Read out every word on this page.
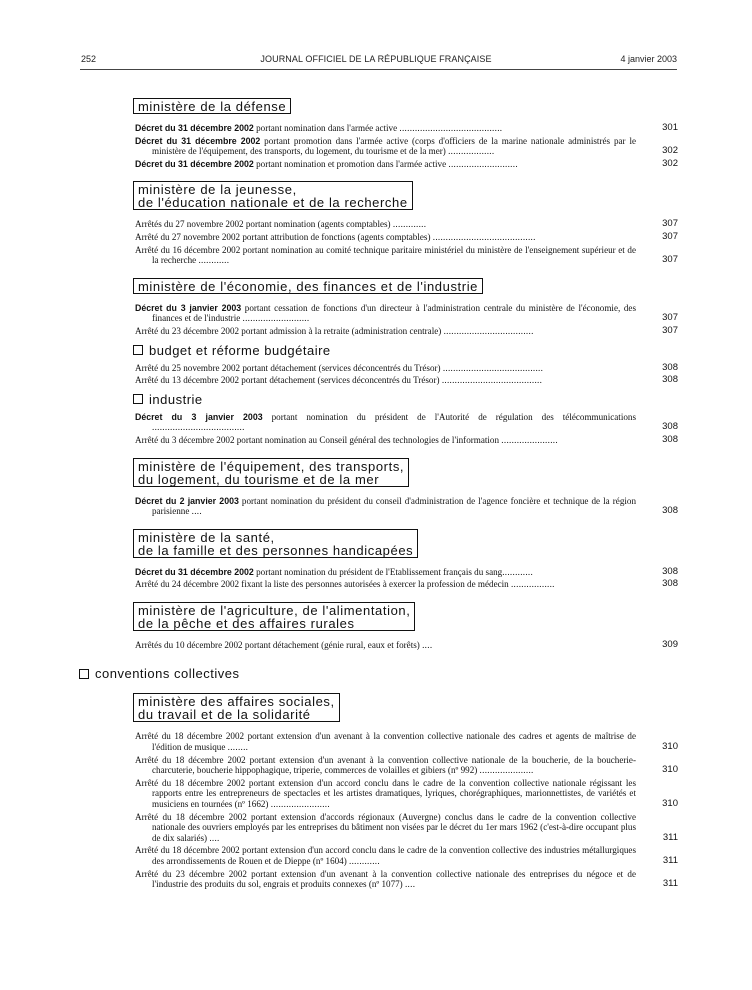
252	JOURNAL OFFICIEL DE LA RÉPUBLIQUE FRANÇAISE	4 janvier 2003
ministère de la défense
Décret du 31 décembre 2002 portant nomination dans l'armée active ........................................	301
Décret du 31 décembre 2002 portant promotion dans l'armée active (corps d'officiers de la marine nationale administrés par le ministère de l'équipement, des transports, du logement, du tourisme et de la mer) ..................	302
Décret du 31 décembre 2002 portant nomination et promotion dans l'armée active ...........................	302
ministère de la jeunesse,
de l'éducation nationale et de la recherche
Arrêtés du 27 novembre 2002 portant nomination (agents comptables) .............	307
Arrêté du 27 novembre 2002 portant attribution de fonctions (agents comptables) ........................................	307
Arrêté du 16 décembre 2002 portant nomination au comité technique paritaire ministériel du ministère de l'enseignement supérieur et de la recherche ............	307
ministère de l'économie, des finances et de l'industrie
Décret du 3 janvier 2003 portant cessation de fonctions d'un directeur à l'administration centrale du ministère de l'économie, des finances et de l'industrie ..........................	307
Arrêté du 23 décembre 2002 portant admission à la retraite (administration centrale) ...................................	307
budget et réforme budgétaire
Arrêté du 25 novembre 2002 portant détachement (services déconcentrés du Trésor) .......................................	308
Arrêté du 13 décembre 2002 portant détachement (services déconcentrés du Trésor) .......................................	308
industrie
Décret du 3 janvier 2003 portant nomination du président de l'Autorité de régulation des télécommunications ....................................	308
Arrêté du 3 décembre 2002 portant nomination au Conseil général des technologies de l'information ......................	308
ministère de l'équipement, des transports,
du logement, du tourisme et de la mer
Décret du 2 janvier 2003 portant nomination du président du conseil d'administration de l'agence foncière et technique de la région parisienne ....	308
ministère de la santé,
de la famille et des personnes handicapées
Décret du 31 décembre 2002 portant nomination du président de l'Etablissement français du sang............	308
Arrêté du 24 décembre 2002 fixant la liste des personnes autorisées à exercer la profession de médecin .................	308
ministère de l'agriculture, de l'alimentation,
de la pêche et des affaires rurales
Arrêtés du 10 décembre 2002 portant détachement (génie rural, eaux et forêts) ....	309
conventions collectives
ministère des affaires sociales,
du travail et de la solidarité
Arrêté du 18 décembre 2002 portant extension d'un avenant à la convention collective nationale des cadres et agents de maîtrise de l'édition de musique ........	310
Arrêté du 18 décembre 2002 portant extension d'un avenant à la convention collective nationale de la boucherie, de la boucherie-charcuterie, boucherie hippophagique, triperie, commerces de volailles et gibiers (nº 992) .....................	310
Arrêté du 18 décembre 2002 portant extension d'un accord conclu dans le cadre de la convention collective nationale régissant les rapports entre les entrepreneurs de spectacles et les artistes dramatiques, lyriques, chorégraphiques, marionnettistes, de variétés et musiciens en tournées (nº 1662) .......................	310
Arrêté du 18 décembre 2002 portant extension d'accords régionaux (Auvergne) conclus dans le cadre de la convention collective nationale des ouvriers employés par les entreprises du bâtiment non visées par le décret du 1er mars 1962 (c'est-à-dire occupant plus de dix salariés) ....	311
Arrêté du 18 décembre 2002 portant extension d'un accord conclu dans le cadre de la convention collective des industries métallurgiques des arrondissements de Rouen et de Dieppe (nº 1604) ............	311
Arrêté du 23 décembre 2002 portant extension d'un avenant à la convention collective nationale des entreprises du négoce et de l'industrie des produits du sol, engrais et produits connexes (nº 1077) ....	311
